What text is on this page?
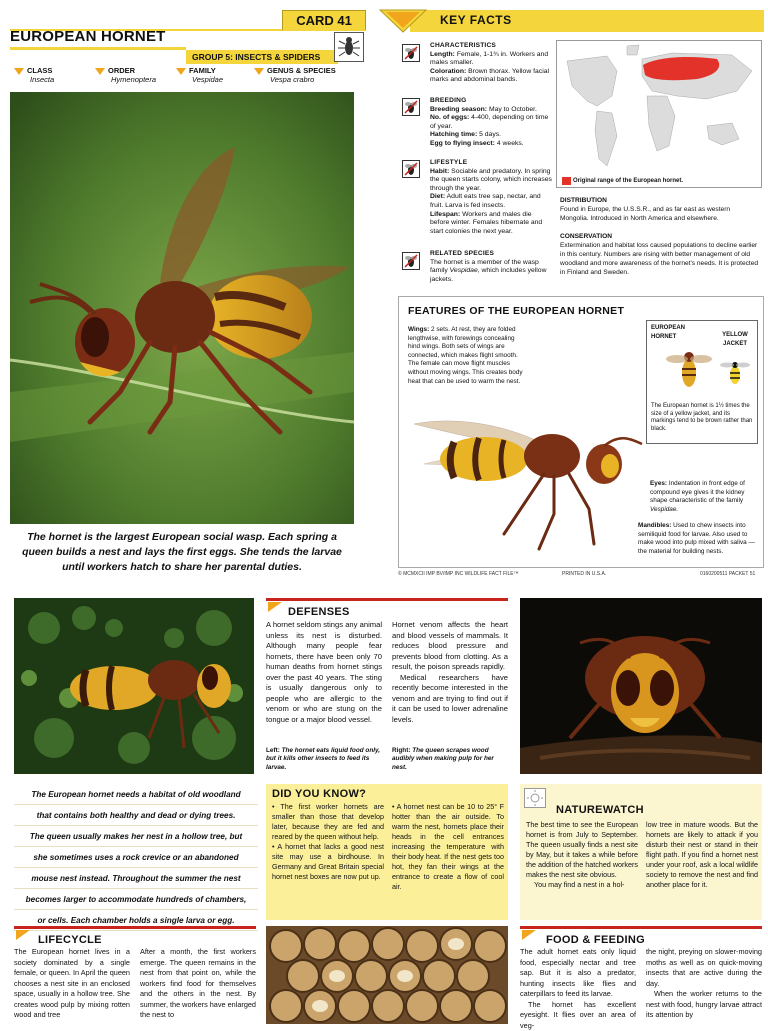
CARD 41
EUROPEAN HORNET
GROUP 5: INSECTS & SPIDERS
CLASS
Insecta
ORDER
Hymenoptera
FAMILY
Vespidae
GENUS & SPECIES
Vespa crabro
The hornet is the largest European social wasp. Each spring a queen builds a nest and lays the first eggs. She tends the larvae until workers hatch to share her parental duties.
KEY FACTS
CHARACTERISTICS
Length: Female, 1-1¾ in. Workers and males smaller.
Coloration: Brown thorax. Yellow facial marks and abdominal bands.
BREEDING
Breeding season: May to October.
No. of eggs: 4-400, depending on time of year.
Hatching time: 5 days.
Egg to flying insect: 4 weeks.
LIFESTYLE
Habit: Sociable and predatory. In spring the queen starts colony, which increases through the year.
Diet: Adult eats tree sap, nectar, and fruit. Larva is fed insects.
Lifespan: Workers and males die before winter. Females hibernate and start colonies the next year.
RELATED SPECIES
The hornet is a member of the wasp family Vespidae, which includes yellow jackets.
Original range of the European hornet.
DISTRIBUTION
Found in Europe, the U.S.S.R., and as far east as western Mongolia. Introduced in North America and elsewhere.
CONSERVATION
Extermination and habitat loss caused populations to decline earlier in this century. Numbers are rising with better management of old woodland and more awareness of the hornet's needs. It is protected in Finland and Sweden.
FEATURES OF THE EUROPEAN HORNET
Wings: 2 sets. At rest, they are folded lengthwise, with forewings concealing hind wings. Both sets of wings are connected, which makes flight smooth. The female can move flight muscles without moving wings. This creates body heat that can be used to warm the nest.
EUROPEAN HORNET	YELLOW JACKET
The European hornet is 1½ times the size of a yellow jacket, and its markings tend to be brown rather than black.
Eyes: Indentation in front edge of compound eye gives it the kidney shape characteristic of the family Vespidae.
Mandibles: Used to chew insects into semiliquid food for larvae. Also used to make wood into pulp mixed with saliva —the material for building nests.
© MCMXCII IMP BV/IMP INC WILDLIFE FACT FILE™	PRINTED IN U.S.A.	0160200511 PACKET 51
DEFENSES
A hornet seldom stings any animal unless its nest is disturbed. Although many people fear hornets, there have been only 70 human deaths from hornet stings over the past 40 years. The sting is usually dangerous only to people who are allergic to the venom or who are stung on the tongue or a major blood vessel.
Left: The hornet eats liquid food only, but it kills other insects to feed its larvae.
Hornet venom affects the heart and blood vessels of mammals. It reduces blood pressure and prevents blood from clotting. As a result, the poison spreads rapidly.
Medical researchers have recently become interested in the venom and are trying to find out if it can be used to lower adrenaline levels.
Right: The queen scrapes wood audibly when making pulp for her nest.
The European hornet needs a habitat of old woodland
that contains both healthy and dead or dying trees.
The queen usually makes her nest in a hollow tree, but
she sometimes uses a rock crevice or an abandoned
mouse nest instead. Throughout the summer the nest
becomes larger to accommodate hundreds of chambers,
or cells. Each chamber holds a single larva or egg.
DID YOU KNOW?
• The first worker hornets are smaller than those that develop later, because they are fed and reared by the queen without help.
• A hornet that lacks a good nest site may use a birdhouse. In Germany and Great Britain special hornet nest boxes are now put up.
• A hornet nest can be 10 to 25° F hotter than the air outside. To warm the nest, hornets place their heads in the cell entrances increasing the temperature with their body heat. If the nest gets too hot, they fan their wings at the entrance to create a flow of cool air.
NATUREWATCH
The best time to see the European hornet is from July to September. The queen usually finds a nest site by May, but it takes a while before the addition of the hatched workers makes the nest site obvious.
You may find a nest in a hol-
low tree in mature woods. But the hornets are likely to attack if you disturb their nest or stand in their flight path. If you find a hornet nest under your roof, ask a local wildlife society to remove the nest and find another place for it.
LIFECYCLE
The European hornet lives in a society dominated by a single female, or queen. In April the queen chooses a nest site in an enclosed space, usually in a hollow tree. She creates wood pulp by mixing rotten wood and tree
After a month, the first workers emerge. The queen remains in the nest from that point on, while the workers find food for themselves and the others in the nest. By summer, the workers have enlarged the nest to
FOOD & FEEDING
The adult hornet eats only liquid food, especially nectar and tree sap. But it is also a predator, hunting insects like flies and caterpillars to feed its larvae.
The hornet has excellent eyesight. It flies over an area of veg-
the night, preying on slower-moving moths as well as on quick-moving insects that are active during the day.
When the worker returns to the nest with food, hungry larvae attract its attention by
